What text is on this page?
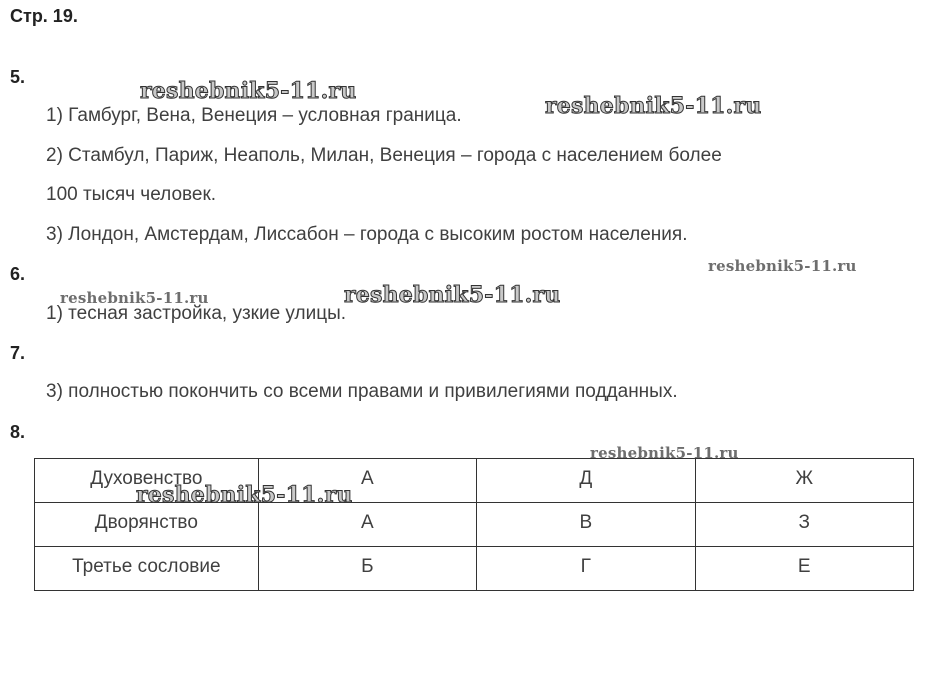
Стр. 19.
5.
1) Гамбург, Вена, Венеция – условная граница.
2) Стамбул, Париж, Неаполь, Милан, Венеция – города с населением более
100 тысяч человек.
3) Лондон, Амстердам, Лиссабон – города с высоким ростом населения.
6.
1) тесная застройка, узкие улицы.
7.
3) полностью покончить со всеми правами и привилегиями подданных.
8.
Духовенство	А	Д	Ж
Дворянство	А	В	З
Третье сословие	Б	Г	Е
reshebnik5-11.ru
reshebnik5-11.ru
reshebnik5-11.ru
reshebnik5-11.ru	reshebnik5-11.ru
reshebnik5-11.ru
reshebnik5-11.ru
